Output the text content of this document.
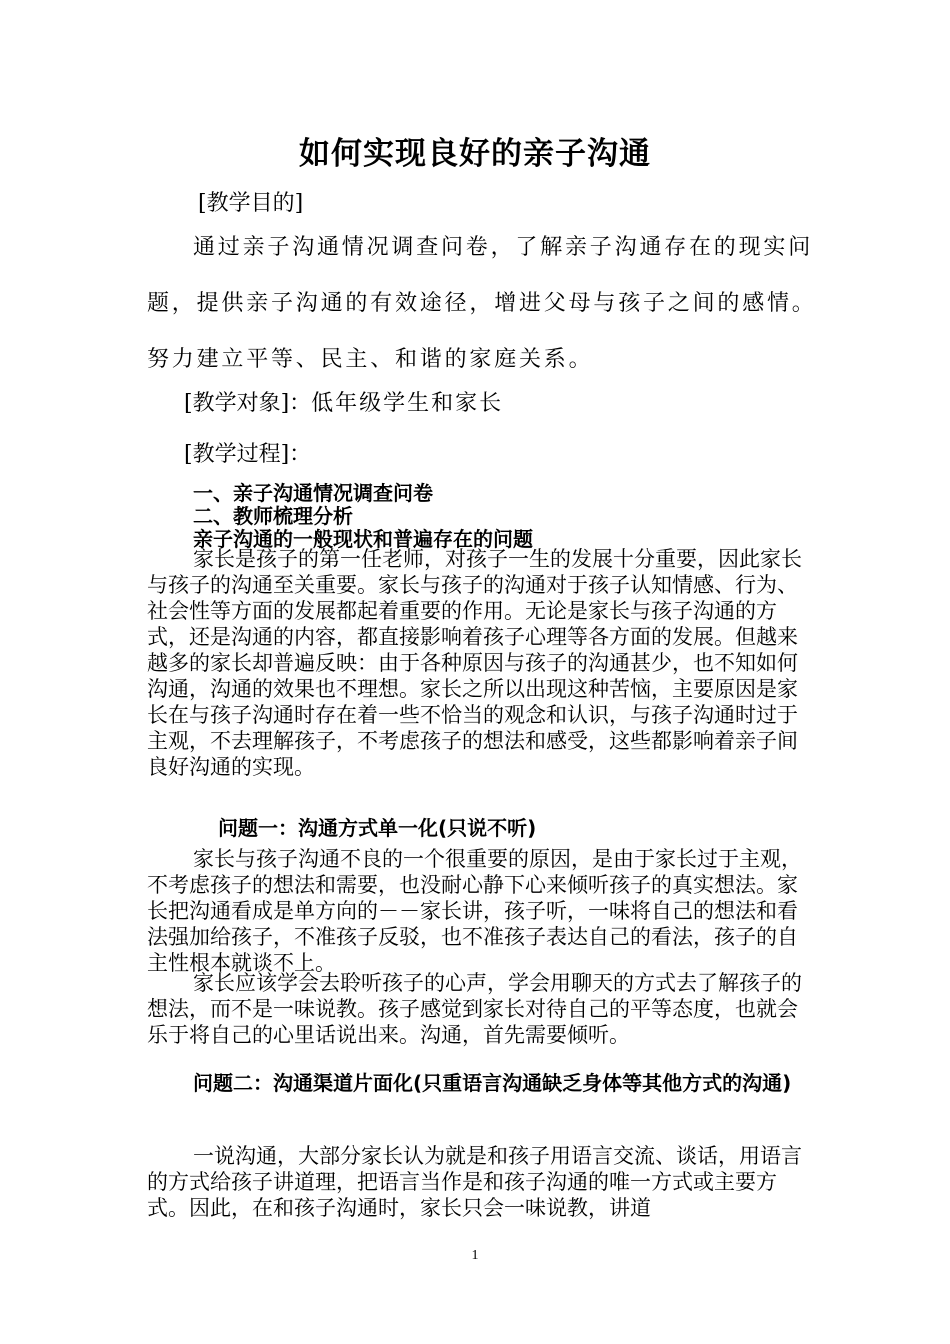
如何实现良好的亲子沟通
[教学目的]
通过亲子沟通情况调查问卷，了解亲子沟通存在的现实问题，提供亲子沟通的有效途径，增进父母与孩子之间的感情。努力建立平等、民主、和谐的家庭关系。
[教学对象]：低年级学生和家长
[教学过程]：
一、亲子沟通情况调查问卷
二、教师梳理分析
亲子沟通的一般现状和普遍存在的问题
家长是孩子的第一任老师，对孩子一生的发展十分重要，因此家长与孩子的沟通至关重要。家长与孩子的沟通对于孩子认知情感、行为、社会性等方面的发展都起着重要的作用。无论是家长与孩子沟通的方式，还是沟通的内容，都直接影响着孩子心理等各方面的发展。但越来越多的家长却普遍反映：由于各种原因与孩子的沟通甚少，也不知如何沟通，沟通的效果也不理想。家长之所以出现这种苦恼，主要原因是家长在与孩子沟通时存在着一些不恰当的观念和认识，与孩子沟通时过于主观，不去理解孩子，不考虑孩子的想法和感受，这些都影响着亲子间良好沟通的实现。
问题一：沟通方式单一化(只说不听)
家长与孩子沟通不良的一个很重要的原因，是由于家长过于主观，不考虑孩子的想法和需要，也没耐心静下心来倾听孩子的真实想法。家长把沟通看成是单方向的－－家长讲，孩子听，一味将自己的想法和看法强加给孩子，不准孩子反驳，也不准孩子表达自己的看法，孩子的自主性根本就谈不上。
家长应该学会去聆听孩子的心声，学会用聊天的方式去了解孩子的想法，而不是一味说教。孩子感觉到家长对待自己的平等态度，也就会乐于将自己的心里话说出来。沟通，首先需要倾听。
问题二：沟通渠道片面化(只重语言沟通缺乏身体等其他方式的沟通)
一说沟通，大部分家长认为就是和孩子用语言交流、谈话，用语言的方式给孩子讲道理，把语言当作是和孩子沟通的唯一方式或主要方式。因此，在和孩子沟通时，家长只会一味说教，讲道
1
